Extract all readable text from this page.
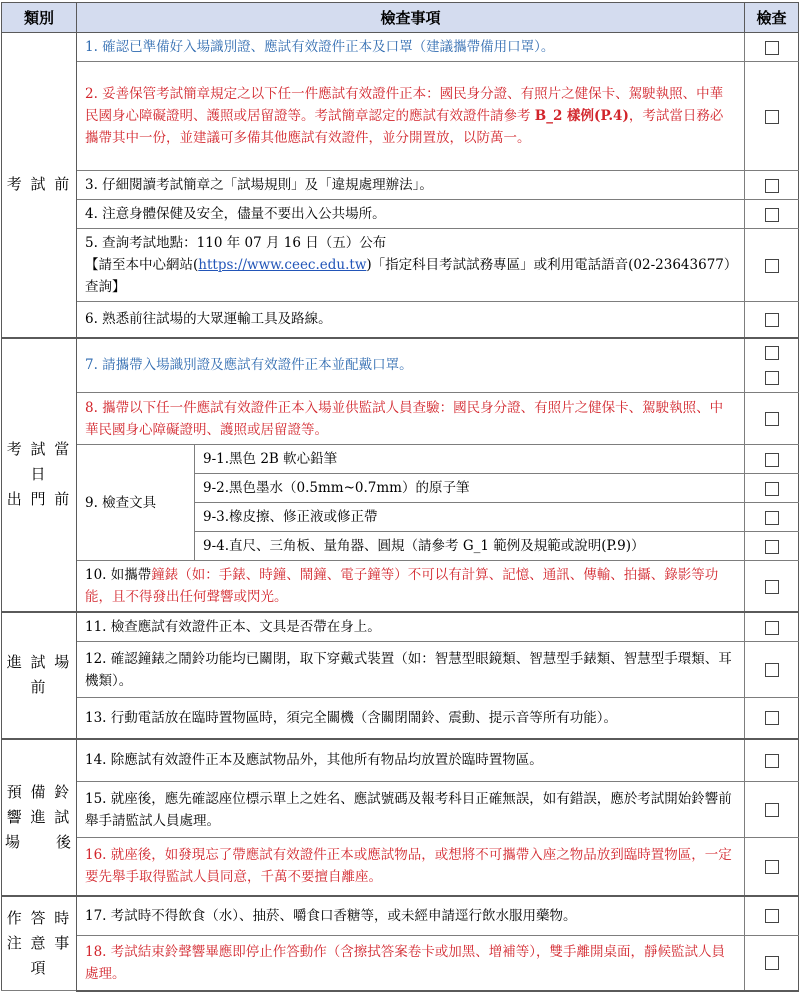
類別	檢查事項		檢查
考 試 前	1. 確認已準備好入場識別證、應試有效證件正本及口罩（建議攜帶備用口罩）。		
	2. 妥善保管考試簡章規定之以下任一件應試有效證件正本：國民身分證、有照片之健保卡、駕駛執照、中華民國身心障礙證明、護照或居留證等。考試簡章認定的應試有效證件請參考 B_2 樣例(P.4)，考試當日務必攜帶其中一份，並建議可多備其他應試有效證件，並分開置放，以防萬一。		
	3. 仔細閱讀考試簡章之「試場規則」及「違規處理辦法」。		
	4. 注意身體保健及安全，儘量不要出入公共場所。		

	5. 查詢考試地點：110 年 07 月 16 日（五）公布
【請至本中心網站(https://www.ceec.edu.tw)「指定科目考試試務專區」或利用電話語音(02-23643677）查詢】		
	6. 熟悉前往試場的大眾運輸工具及路線。		

考 試 當
日
出 門 前	7. 請攜帶入場識別證及應試有效證件正本並配戴口罩。		

	8. 攜帶以下任一件應試有效證件正本入場並供監試人員查驗：國民身分證、有照片之健保卡、駕駛執照、中華民國身心障礙證明、護照或居留證等。		
	9. 檢查文具	9-1.黑色 2B 軟心鉛筆	
		9-2.黑色墨水（0.5mm~0.7mm）的原子筆	
		9-3.橡皮擦、修正液或修正帶	
		9-4.直尺、三角板、量角器、圓規（請參考 G_1 範例及規範或說明(P.9)）	
	10. 如攜帶鐘錶（如：手錶、時鐘、鬧鐘、電子鐘等）不可以有計算、記憶、通訊、傳輸、拍攝、錄影等功能，且不得發出任何聲響或閃光。		

進 試 場
前	11. 檢查應試有效證件正本、文具是否帶在身上。		
	12. 確認鐘錶之鬧鈴功能均已關閉，取下穿戴式裝置（如：智慧型眼鏡類、智慧型手錶類、智慧型手環類、耳機類）。		
	13. 行動電話放在臨時置物區時，須完全關機（含關閉鬧鈴、震動、提示音等所有功能）。		

預 備 鈴
響 進 試
場　　後	14. 除應試有效證件正本及應試物品外，其他所有物品均放置於臨時置物區。		
	15. 就座後，應先確認座位標示單上之姓名、應試號碼及報考科目正確無誤，如有錯誤，應於考試開始鈴響前舉手請監試人員處理。		
	16. 就座後，如發現忘了帶應試有效證件正本或應試物品，或想將不可攜帶入座之物品放到臨時置物區，一定要先舉手取得監試人員同意，千萬不要擅自離座。		

作 答 時
注 意 事
項	17. 考試時不得飲食（水）、抽菸、嚼食口香糖等，或未經申請逕行飲水服用藥物。		
	18. 考試結束鈴聲響畢應即停止作答動作（含擦拭答案卷卡或加黑、增補等），雙手離開桌面，靜候監試人員處理。		
